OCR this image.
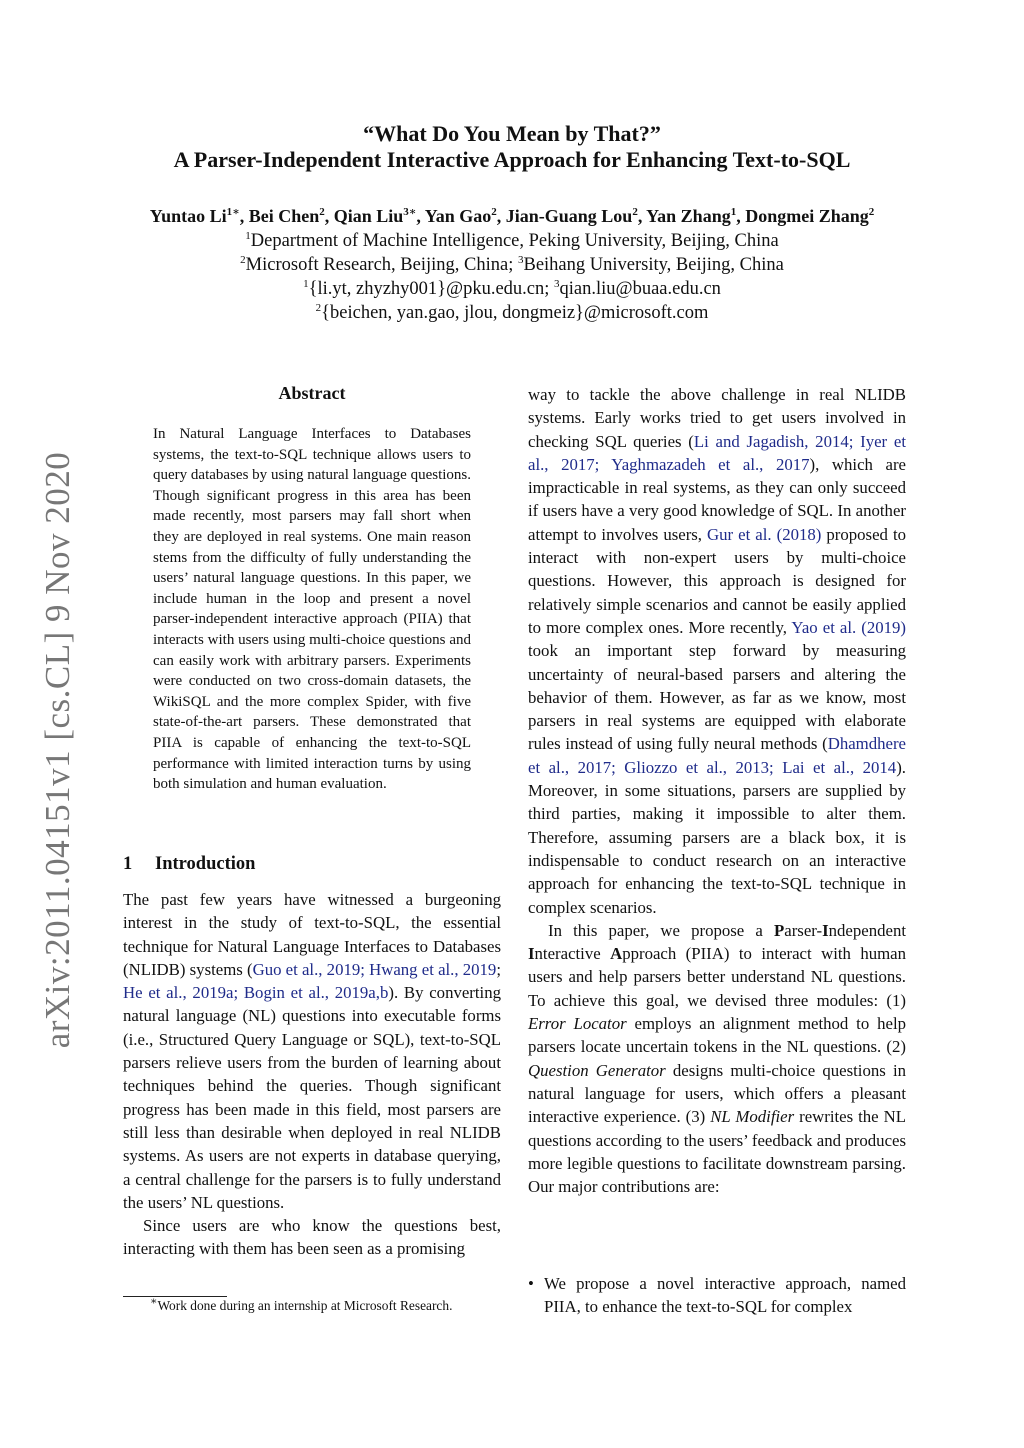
“What Do You Mean by That?”
A Parser-Independent Interactive Approach for Enhancing Text-to-SQL
Yuntao $Li^{1∗}$, Bei Chen$^2$, Qian Liu$^{3∗}$, Yan Gao$^2$, Jian-Guang Lou$^2$, Yan Zhang$^1$, Dongmei Zhang$^2$
$^1$Department of Machine Intelligence, Peking University, Beijing, China
$^2$Microsoft Research, Beijing, China; $^3$Beihang University, Beijing, China
$^1${li.yt, zhyzhy001}@pku.edu.cn; $^3$qian.liu@buaa.edu.cn
$^2${beichen, yan.gao, jlou, dongmeiz}@microsoft.com
arXiv:2011.04151v1 [cs.CL] 9 Nov 2020
Abstract
In Natural Language Interfaces to Databases systems, the text-to-SQL technique allows users to query databases by using natural language questions. Though significant progress in this area has been made recently, most parsers may fall short when they are deployed in real systems. One main reason stems from the difficulty of fully understanding the users’ natural language questions. In this paper, we include human in the loop and present a novel parser-independent interactive approach (PIIA) that interacts with users using multi-choice questions and can easily work with arbitrary parsers. Experiments were conducted on two cross-domain datasets, the WikiSQL and the more complex Spider, with five state-of-the-art parsers. These demonstrated that PIIA is capable of enhancing the text-to-SQL performance with limited interaction turns by using both simulation and human evaluation.
1 Introduction

The past few years have witnessed a burgeoning interest in the study of text-to-SQL, the essential technique for Natural Language Interfaces to Databases (NLIDB) systems (Guo et al., 2019; Hwang et al., 2019; He et al., 2019a; Bogin et al., 2019a,b). By converting natural language (NL) questions into executable forms (i.e., Structured Query Language or SQL), text-to-SQL parsers relieve users from the burden of learning about techniques behind the queries. Though significant progress has been made in this field, most parsers are still less than desirable when deployed in real NLIDB systems. As users are not experts in database querying, a central challenge for the parsers is to fully understand the users’ NL questions.

Since users are who know the questions best, interacting with them has been seen as a promising

∗Work done during an internship at Microsoft Research.

way to tackle the above challenge in real NLIDB systems. Early works tried to get users involved in checking SQL queries (Li and Jagadish, 2014; Iyer et al., 2017; Yaghmazadeh et al., 2017), which are impracticable in real systems, as they can only succeed if users have a very good knowledge of SQL. In another attempt to involves users, Gur et al. (2018) proposed to interact with non-expert users by multi-choice questions. However, this approach is designed for relatively simple scenarios and cannot be easily applied to more complex ones. More recently, Yao et al. (2019) took an important step forward by measuring uncertainty of neural-based parsers and altering the behavior of them. However, as far as we know, most parsers in real systems are equipped with elaborate rules instead of using fully neural methods (Dhamdhere et al., 2017; Gliozzo et al., 2013; Lai et al., 2014). Moreover, in some situations, parsers are supplied by third parties, making it impossible to alter them. Therefore, assuming parsers are a black box, it is indispensable to conduct research on an interactive approach for enhancing the text-to-SQL technique in complex scenarios.

In this paper, we propose a Parser-Independent Interactive Approach (PIIA) to interact with human users and help parsers better understand NL questions. To achieve this goal, we devised three modules: (1) Error Locator employs an alignment method to help parsers locate uncertain tokens in the NL questions. (2) Question Generator designs multi-choice questions in natural language for users, which offers a pleasant interactive experience. (3) NL Modifier rewrites the NL questions according to the users’ feedback and produces more legible questions to facilitate downstream parsing. Our major contributions are:

• We propose a novel interactive approach, named PIIA, to enhance the text-to-SQL for complex
